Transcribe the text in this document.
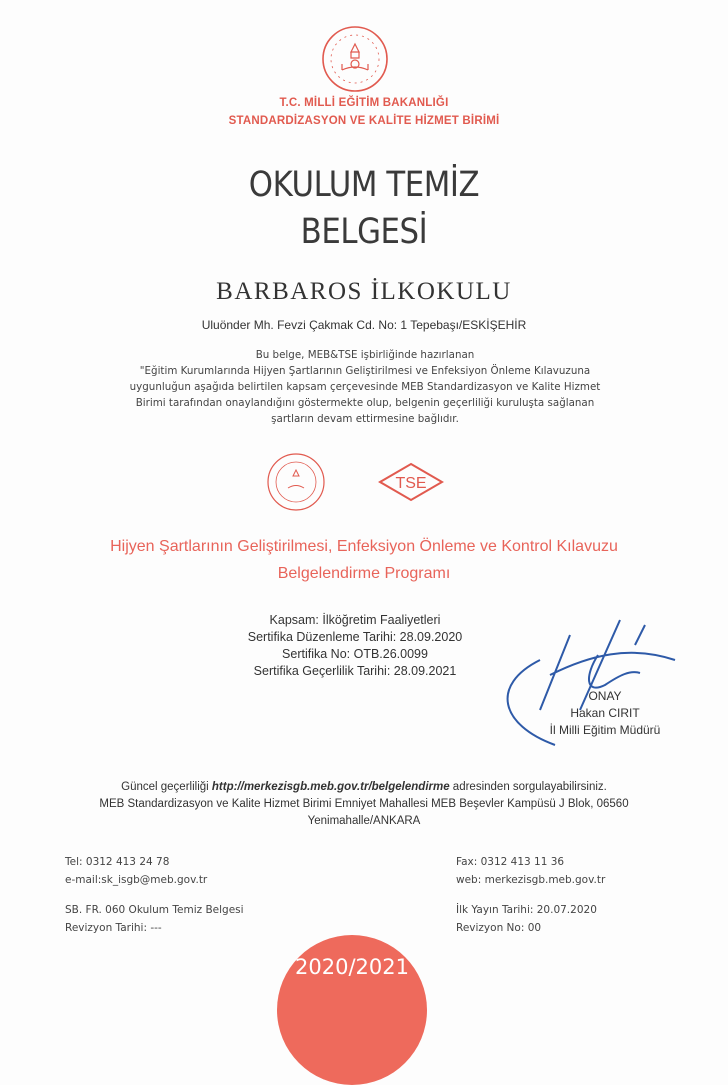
T.C. MİLLİ EĞİTİM BAKANLIĞI
STANDARDİZASYON VE KALİTE HİZMET BİRİMİ
OKULUM TEMİZ
BELGESİ
BARBAROS İLKOKULU
Uluönder Mh. Fevzi Çakmak Cd. No: 1 Tepebaşı/ESKİŞEHİR
Bu belge, MEB&TSE işbirliğinde hazırlanan
"Eğitim Kurumlarında Hijyen Şartlarının Geliştirilmesi ve Enfeksiyon Önleme Kılavuzuna
uygunluğun aşağıda belirtilen kapsam çerçevesinde MEB Standardizasyon ve Kalite Hizmet
Birimi tarafından onaylandığını göstermekte olup, belgenin geçerliliği kuruluşta sağlanan
şartların devam ettirmesine bağlıdır.
TSE
Hijyen Şartlarının Geliştirilmesi, Enfeksiyon Önleme ve Kontrol Kılavuzu
Belgelendirme Programı
Kapsam: İlköğretim Faaliyetleri
Sertifika Düzenleme Tarihi: 28.09.2020
Sertifika No: OTB.26.0099
Sertifika Geçerlilik Tarihi: 28.09.2021
ONAY
Hakan CIRIT
İl Milli Eğitim Müdürü
Güncel geçerliliği http://merkezisgb.meb.gov.tr/belgelendirme adresinden sorgulayabilirsiniz.
MEB Standardizasyon ve Kalite Hizmet Birimi Emniyet Mahallesi MEB Beşevler Kampüsü J Blok, 06560
Yenimahalle/ANKARA
Tel: 0312 413 24 78
e-mail:sk_isgb@meb.gov.tr
SB. FR. 060 Okulum Temiz Belgesi
Revizyon Tarihi: ---
Fax: 0312 413 11 36
web: merkezisgb.meb.gov.tr
İlk Yayın Tarihi: 20.07.2020
Revizyon No: 00
2020/2021
